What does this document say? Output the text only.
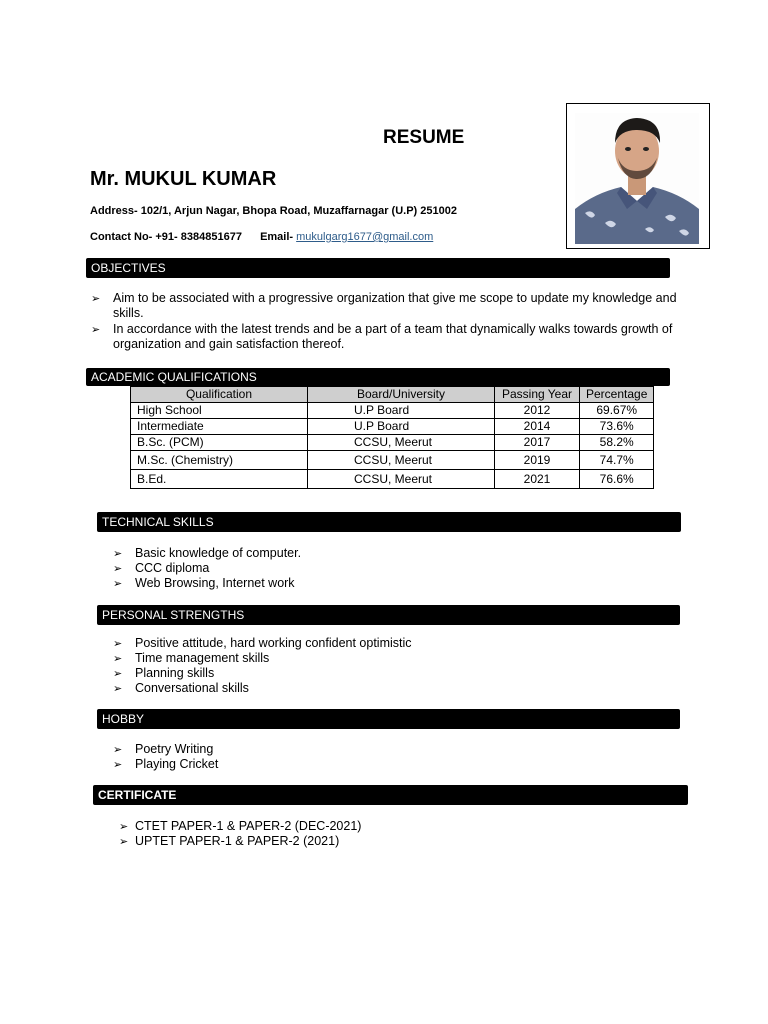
RESUME
Mr. MUKUL KUMAR
Address- 102/1, Arjun Nagar, Bhopa Road, Muzaffarnagar (U.P) 251002
Contact No- +91- 8384851677 Email- mukulgarg1677@gmail.com
OBJECTIVES
➢ Aim to be associated with a progressive organization that give me scope to update my knowledge and skills.
➢ In accordance with the latest trends and be a part of a team that dynamically walks towards growth of organization and gain satisfaction thereof.
ACADEMIC QUALIFICATIONS
Qualification	Board/University	Passing Year	Percentage
High School	U.P Board	2012	69.67%
Intermediate	U.P Board	2014	73.6%
B.Sc. (PCM)	CCSU, Meerut	2017	58.2%
M.Sc. (Chemistry)	CCSU, Meerut	2019	74.7%
B.Ed.	CCSU, Meerut	2021	76.6%
TECHNICAL SKILLS
➢ Basic knowledge of computer.
➢ CCC diploma
➢ Web Browsing, Internet work
PERSONAL STRENGTHS
➢ Positive attitude, hard working confident optimistic
➢ Time management skills
➢ Planning skills
➢ Conversational skills
HOBBY
➢ Poetry Writing
➢ Playing Cricket
CERTIFICATE
➢ CTET PAPER-1 & PAPER-2 (DEC-2021)
➢ UPTET PAPER-1 & PAPER-2 (2021)
